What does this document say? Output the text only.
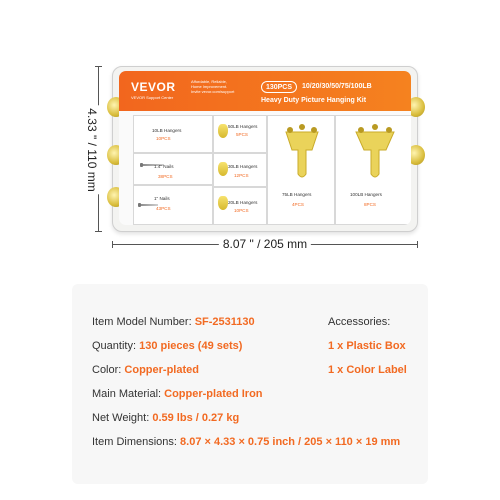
VEVOR
VEVOR Support Center
Affordable, Reliable,
Home Improvement.
Invite vevor.com/support
130PCS	10/20/30/50/75/100LB
Heavy Duty Picture Hanging Kit
10LB Hangers
10PCS
1.4" Nails
38PCS
1" Nails
43PCS
50LB Hangers
5PCS
30LB Hangers
12PCS
20LB Hangers
10PCS
75LB Hangers
4PCS
100LB Hangers
8PCS
4.33 " / 110 mm
8.07 " / 205 mm
Item Model Number: SF-2531130
Quantity: 130 pieces (49 sets)
Color: Copper-plated
Main Material: Copper-plated Iron
Net Weight: 0.59 lbs / 0.27 kg
Item Dimensions: 8.07 × 4.33 × 0.75 inch / 205 × 110 × 19 mm
Accessories:
1 x Plastic Box
1 x Color Label
